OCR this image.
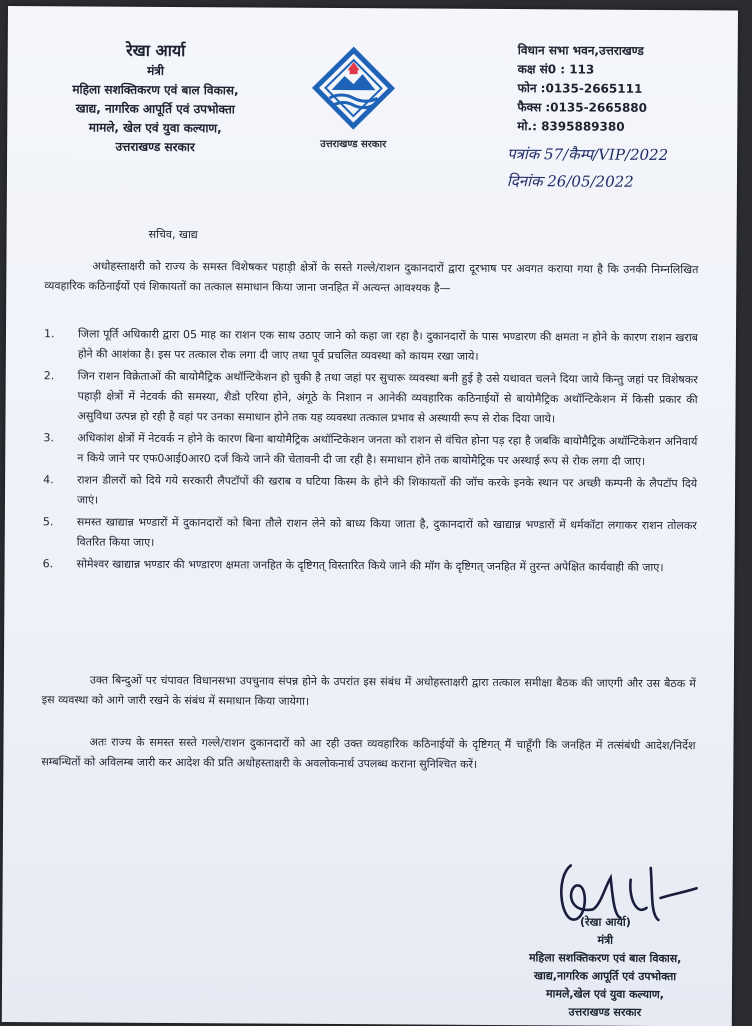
रेखा आर्या
मंत्री
महिला सशक्तिकरण एवं बाल विकास,
खाद्य, नागरिक आपूर्ति एवं उपभोक्ता
मामले, खेल एवं युवा कल्याण,
उत्तराखण्ड सरकार	उत्तराखण्ड सरकार
विधान सभा भवन,उत्तराखण्ड
कक्ष सं0 : 113
फोन :0135-2665111
फैक्स :0135-2665880
मो.: 8395889380
पत्रांक 57/कैम्प/VIP/2022
दिनांक 26/05/2022
सचिव, खाद्य
अधोहस्ताक्षरी को राज्य के समस्त विशेषकर पहाड़ी क्षेत्रों के सस्ते गल्ले/राशन दुकानदारों द्वारा दूरभाष पर अवगत कराया गया है कि उनकी निम्नलिखित व्यवहारिक कठिनाईयों एवं शिकायतों का तत्काल समाधान किया जाना जनहित में अत्यन्त आवश्यक है—
1. जिला पूर्ति अधिकारी द्वारा 05 माह का राशन एक साथ उठाए जाने को कहा जा रहा है। दुकानदारों के पास भण्डारण की क्षमता न होने के कारण राशन खराब होने की आशंका है। इस पर तत्काल रोक लगा दी जाए तथा पूर्व प्रचलित व्यवस्था को कायम रखा जाये।
2. जिन राशन विक्रेताओं की बायोमैट्रिक अथॉन्टिकेशन हो चुकी है तथा जहां पर सुचारू व्यवस्था बनी हुई है उसे यथावत चलने दिया जाये किन्तु जहां पर विशेषकर पहाड़ी क्षेत्रों में नेटवर्क की समस्या, शैडो एरिया होने, अंगूठे के निशान न आनेकी व्यवहारिक कठिनाईयों से बायोमैट्रिक अथॉन्टिकेशन में किसी प्रकार की असुविधा उत्पन्न हो रही है वहां पर उनका समाधान होने तक यह व्यवस्था तत्काल प्रभाव से अस्थायी रूप से रोक दिया जाये।
3. अधिकांश क्षेत्रों में नेटवर्क न होने के कारण बिना बायोमैट्रिक अथॉन्टिकेशन जनता को राशन से वंचित होना पड़ रहा है जबकि बायोमैट्रिक अथॉन्टिकेशन अनिवार्य न किये जाने पर एफ0आई0आर0 दर्ज किये जाने की चेतावनी दी जा रही है। समाधान होने तक बायोमैट्रिक पर अस्थाई रूप से रोक लगा दी जाए।
4. राशन डीलरों को दिये गये सरकारी लैपटॉपों की खराब व घटिया किस्म के होने की शिकायतों की जॉच करके इनके स्थान पर अच्छी कम्पनी के लैपटॉप दिये जाएं।
5. समस्त खाद्यान्न भण्डारों में दुकानदारों को बिना तौले राशन लेने को बाध्य किया जाता है, दुकानदारों को खाद्यान्न भण्डारों में धर्मकॉटा लगाकर राशन तोलकर वितरित किया जाए।
6. सोमेश्वर खाद्यान्न भण्डार की भण्डारण क्षमता जनहित के दृष्टिगत् विस्तारित किये जाने की मॉग के दृष्टिगत् जनहित में तुरन्त अपेक्षित कार्यवाही की जाए।
उक्त बिन्दुओं पर चंपावत विधानसभा उपचुनाव संपन्न होने के उपरांत इस संबंध में अधोहस्ताक्षरी द्वारा तत्काल समीक्षा बैठक की जाएगी और उस बैठक में इस व्यवस्था को आगे जारी रखने के संबंध में समाधान किया जायेगा।
अतः राज्य के समस्त सस्ते गल्ले/राशन दुकानदारों को आ रही उक्त व्यवहारिक कठिनाईयों के दृष्टिगत् मैं चाहूँगी कि जनहित में तत्संबंधी आदेश/निर्देश सम्बन्धितों को अविलम्ब जारी कर आदेश की प्रति अधोहस्ताक्षरी के अवलोकनार्थ उपलब्ध कराना सुनिश्चित करें।
(रेखा आर्या)
मंत्री
महिला सशक्तिकरण एवं बाल विकास,
खाद्य,नागरिक आपूर्ति एवं उपभोक्ता
मामले,खेल एवं युवा कल्याण,
उत्तराखण्ड सरकार
